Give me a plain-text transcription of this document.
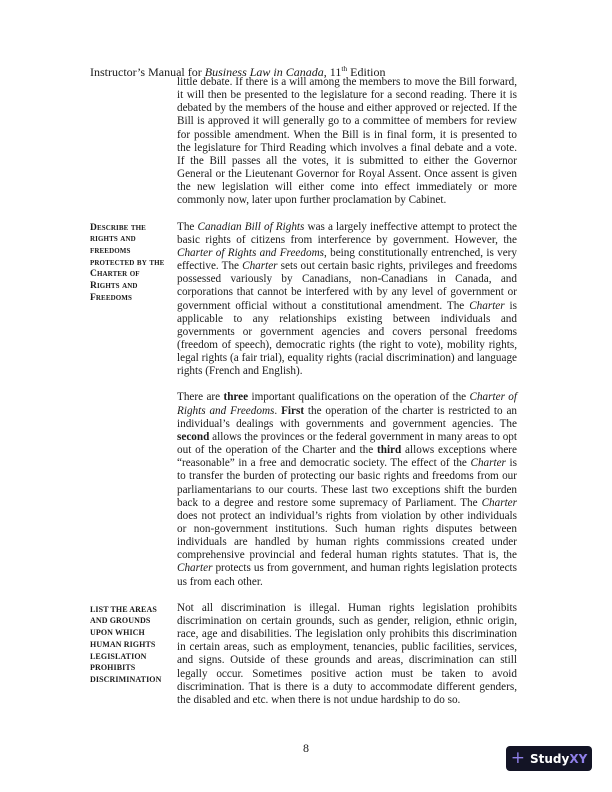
Instructor’s Manual for Business Law in Canada, 11th Edition
little debate. If there is a will among the members to move the Bill forward, it will then be presented to the legislature for a second reading. There it is debated by the members of the house and either approved or rejected. If the Bill is approved it will generally go to a committee of members for review for possible amendment. When the Bill is in final form, it is presented to the legislature for Third Reading which involves a final debate and a vote. If the Bill passes all the votes, it is submitted to either the Governor General or the Lieutenant Governor for Royal Assent. Once assent is given the new legislation will either come into effect immediately or more commonly now, later upon further proclamation by Cabinet.
Describe the rights and freedoms protected by the Charter of Rights and Freedoms
The Canadian Bill of Rights was a largely ineffective attempt to protect the basic rights of citizens from interference by government. However, the Charter of Rights and Freedoms, being constitutionally entrenched, is very effective. The Charter sets out certain basic rights, privileges and freedoms possessed variously by Canadians, non-Canadians in Canada, and corporations that cannot be interfered with by any level of government or government official without a constitutional amendment. The Charter is applicable to any relationships existing between individuals and governments or government agencies and covers personal freedoms (freedom of speech), democratic rights (the right to vote), mobility rights, legal rights (a fair trial), equality rights (racial discrimination) and language rights (French and English).
There are three important qualifications on the operation of the Charter of Rights and Freedoms. First the operation of the charter is restricted to an individual’s dealings with governments and government agencies. The second allows the provinces or the federal government in many areas to opt out of the operation of the Charter and the third allows exceptions where “reasonable” in a free and democratic society. The effect of the Charter is to transfer the burden of protecting our basic rights and freedoms from our parliamentarians to our courts. These last two exceptions shift the burden back to a degree and restore some supremacy of Parliament. The Charter does not protect an individual’s rights from violation by other individuals or non-government institutions. Such human rights disputes between individuals are handled by human rights commissions created under comprehensive provincial and federal human rights statutes. That is, the Charter protects us from government, and human rights legislation protects us from each other.
LIST THE AREAS AND GROUNDS UPON WHICH HUMAN RIGHTS LEGISLATION PROHIBITS DISCRIMINATION
Not all discrimination is illegal. Human rights legislation prohibits discrimination on certain grounds, such as gender, religion, ethnic origin, race, age and disabilities. The legislation only prohibits this discrimination in certain areas, such as employment, tenancies, public facilities, services, and signs. Outside of these grounds and areas, discrimination can still legally occur. Sometimes positive action must be taken to avoid discrimination. That is there is a duty to accommodate different genders, the disabled and etc. when there is not undue hardship to do so.
8	+ StudyXY
